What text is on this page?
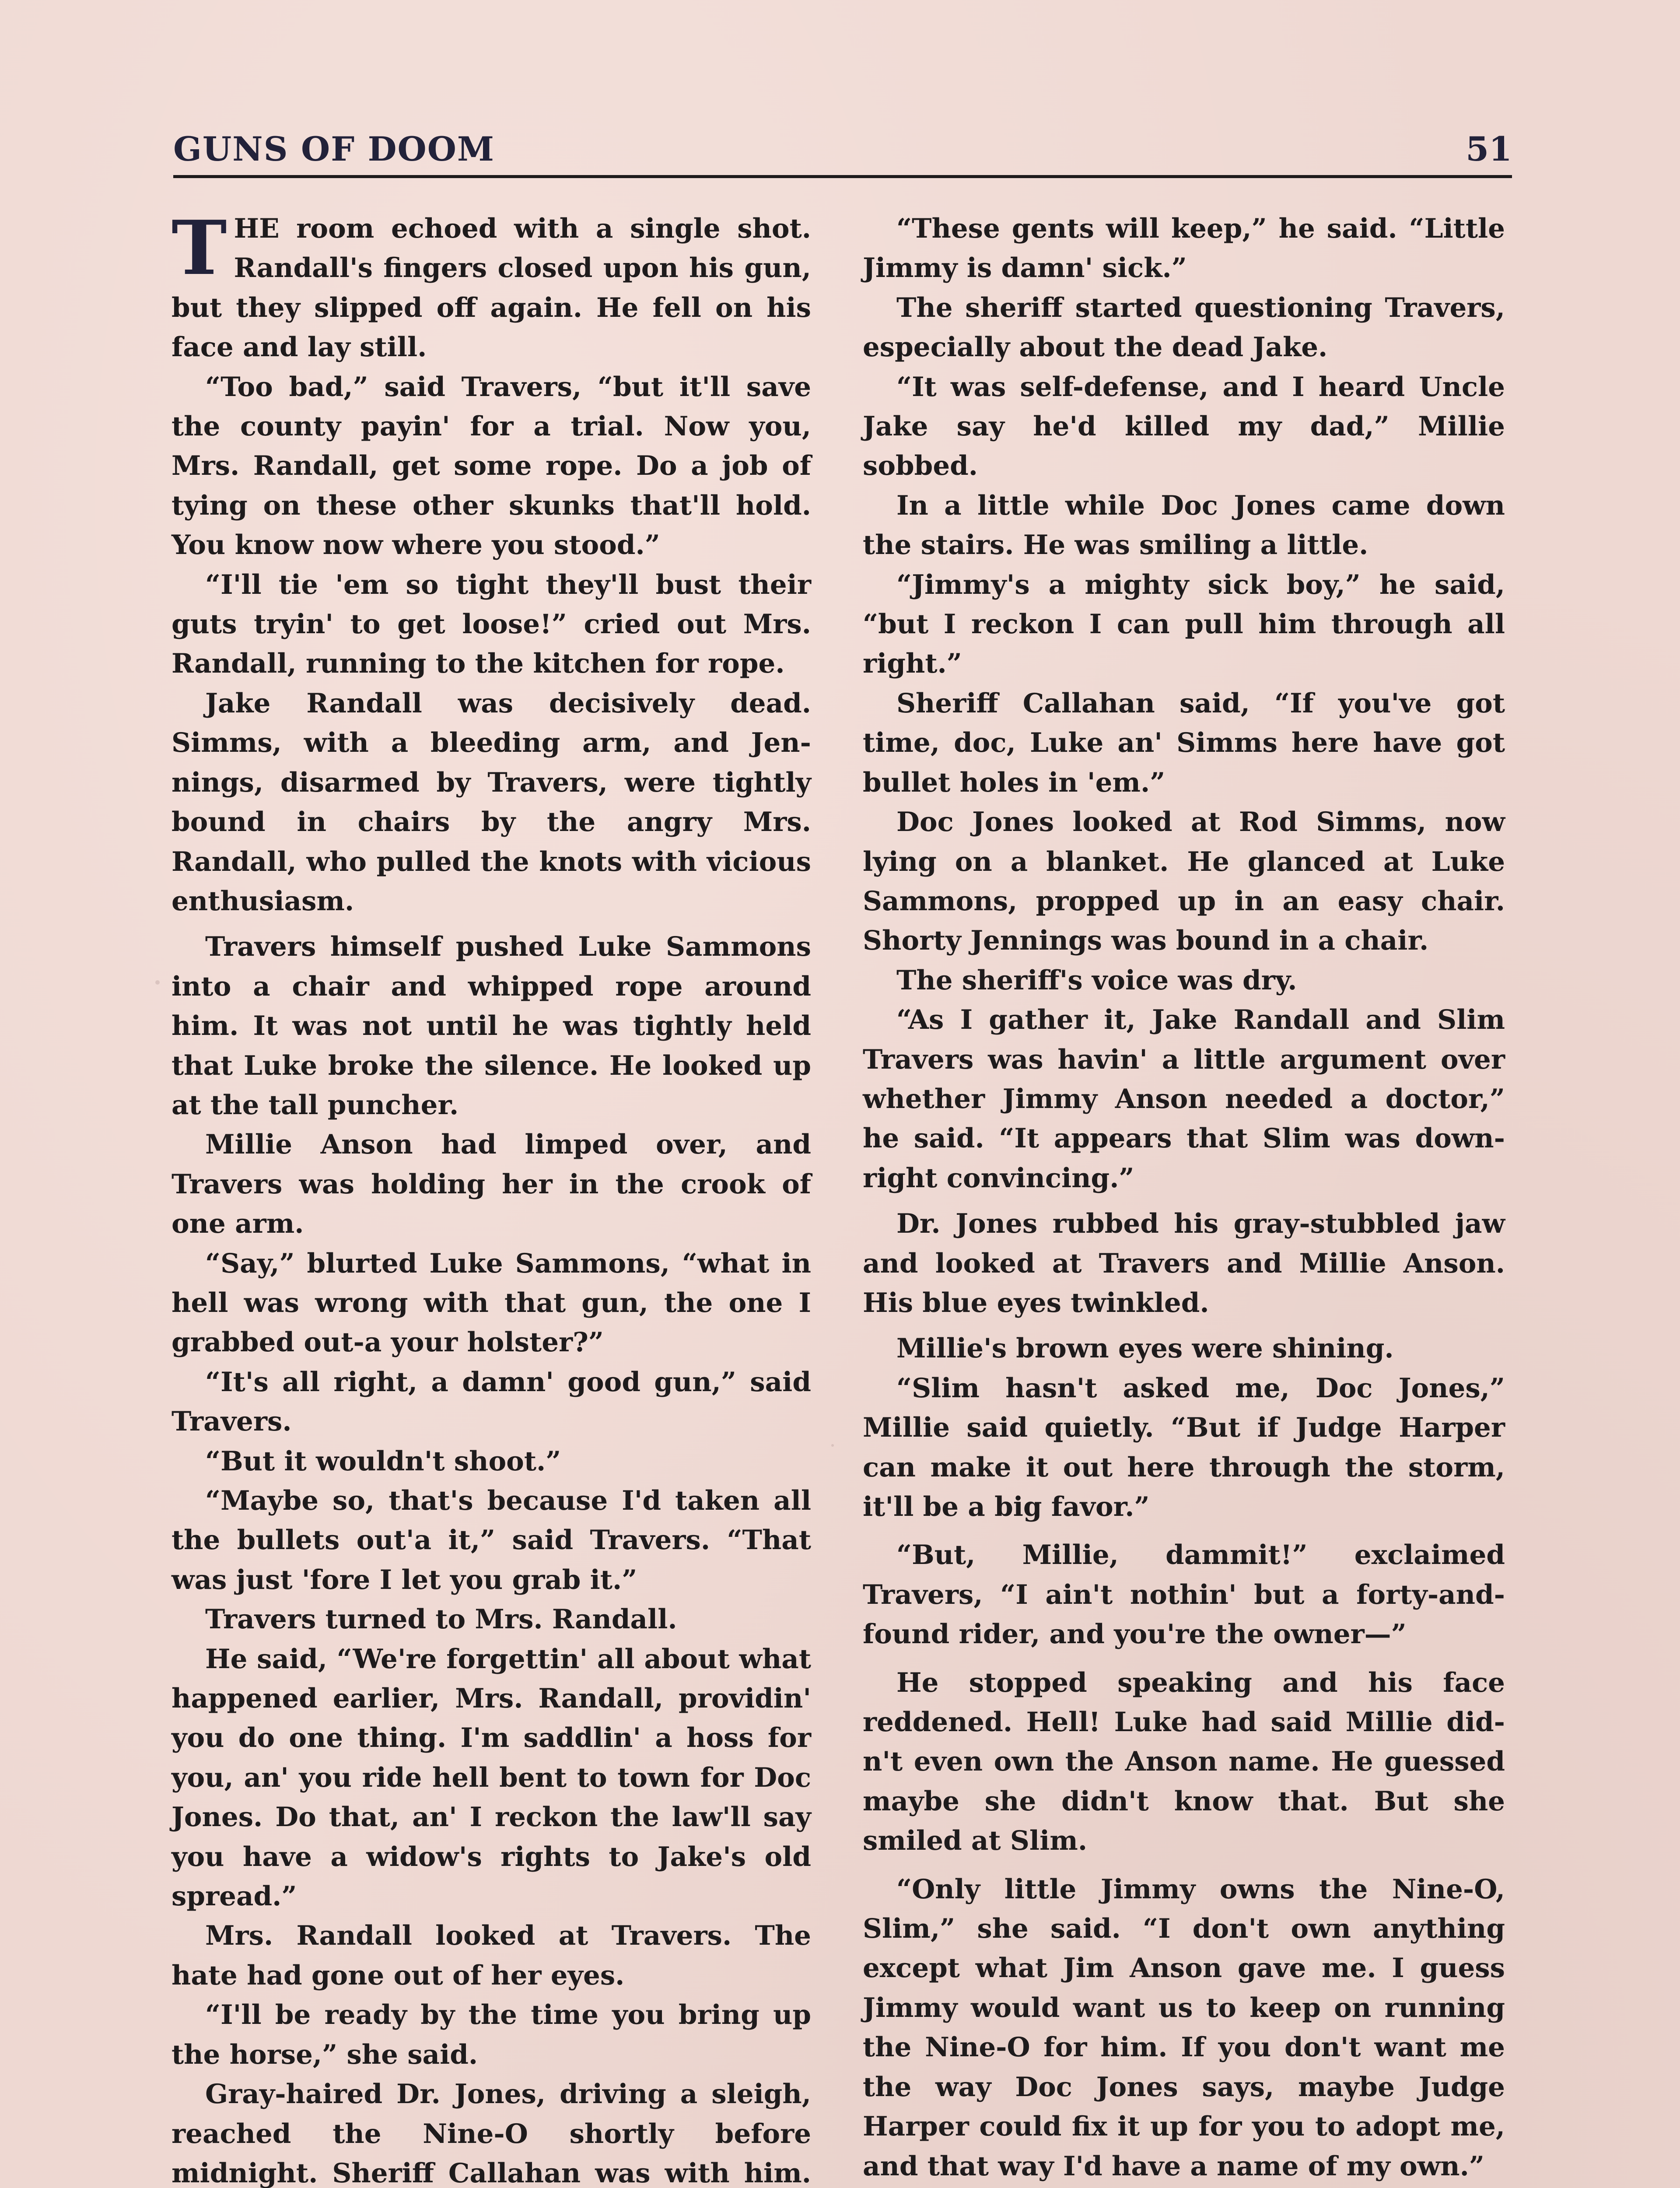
GUNS OF DOOM	51

THE room echoed with a single shot. Randall's fingers closed upon his gun, but they slipped off again. He fell on his face and lay still.

“Too bad,” said Travers, “but it'll save the county payin' for a trial. Now you, Mrs. Randall, get some rope. Do a job of tying on these other skunks that'll hold. You know now where you stood.”

“I'll tie 'em so tight they'll bust their guts tryin' to get loose!” cried out Mrs. Randall, running to the kitchen for rope.

Jake Randall was decisively dead. Simms, with a bleeding arm, and Jennings, disarmed by Travers, were tightly bound in chairs by the angry Mrs. Randall, who pulled the knots with vicious enthusiasm.

Travers himself pushed Luke Sammons into a chair and whipped rope around him. It was not until he was tightly held that Luke broke the silence. He looked up at the tall puncher.

Millie Anson had limped over, and Travers was holding her in the crook of one arm.

“Say,” blurted Luke Sammons, “what in hell was wrong with that gun, the one I grabbed out-a your holster?”

“It's all right, a damn' good gun,” said Travers.

“But it wouldn't shoot.”

“Maybe so, that's because I'd taken all the bullets out'a it,” said Travers. “That was just 'fore I let you grab it.”

Travers turned to Mrs. Randall.

He said, “We're forgettin' all about what happened earlier, Mrs. Randall, providin' you do one thing. I'm saddlin' a hoss for you, an' you ride hell bent to town for Doc Jones. Do that, an' I reckon the law'll say you have a widow's rights to Jake's old spread.”

Mrs. Randall looked at Travers. The hate had gone out of her eyes.

“I'll be ready by the time you bring up the horse,” she said.

Gray-haired Dr. Jones, driving a sleigh, reached the Nine-O shortly before midnight. Sheriff Callahan was with him.

“These gents will keep,” he said. “Little Jimmy is damn' sick.”

The sheriff started questioning Travers, especially about the dead Jake.

“It was self-defense, and I heard Uncle Jake say he'd killed my dad,” Millie sobbed.

In a little while Doc Jones came down the stairs. He was smiling a little.

“Jimmy's a mighty sick boy,” he said, “but I reckon I can pull him through all right.”

Sheriff Callahan said, “If you've got time, doc, Luke an' Simms here have got bullet holes in 'em.”

Doc Jones looked at Rod Simms, now lying on a blanket. He glanced at Luke Sammons, propped up in an easy chair. Shorty Jennings was bound in a chair.

The sheriff's voice was dry.

“As I gather it, Jake Randall and Slim Travers was havin' a little argument over whether Jimmy Anson needed a doctor,” he said. “It appears that Slim was downright convincing.”

Dr. Jones rubbed his gray-stubbled jaw and looked at Travers and Millie Anson. His blue eyes twinkled.

Millie's brown eyes were shining.

“Slim hasn't asked me, Doc Jones,” Millie said quietly. “But if Judge Harper can make it out here through the storm, it'll be a big favor.”

“But, Millie, dammit!” exclaimed Travers, “I ain't nothin' but a forty-and-found rider, and you're the owner—”

He stopped speaking and his face reddened. Hell! Luke had said Millie didn't even own the Anson name. He guessed maybe she didn't know that. But she smiled at Slim.

“Only little Jimmy owns the Nine-O, Slim,” she said. “I don't own anything except what Jim Anson gave me. I guess Jimmy would want us to keep on running the Nine-O for him. If you don't want me the way Doc Jones says, maybe Judge Harper could fix it up for you to adopt me, and that way I'd have a name of my own.”
